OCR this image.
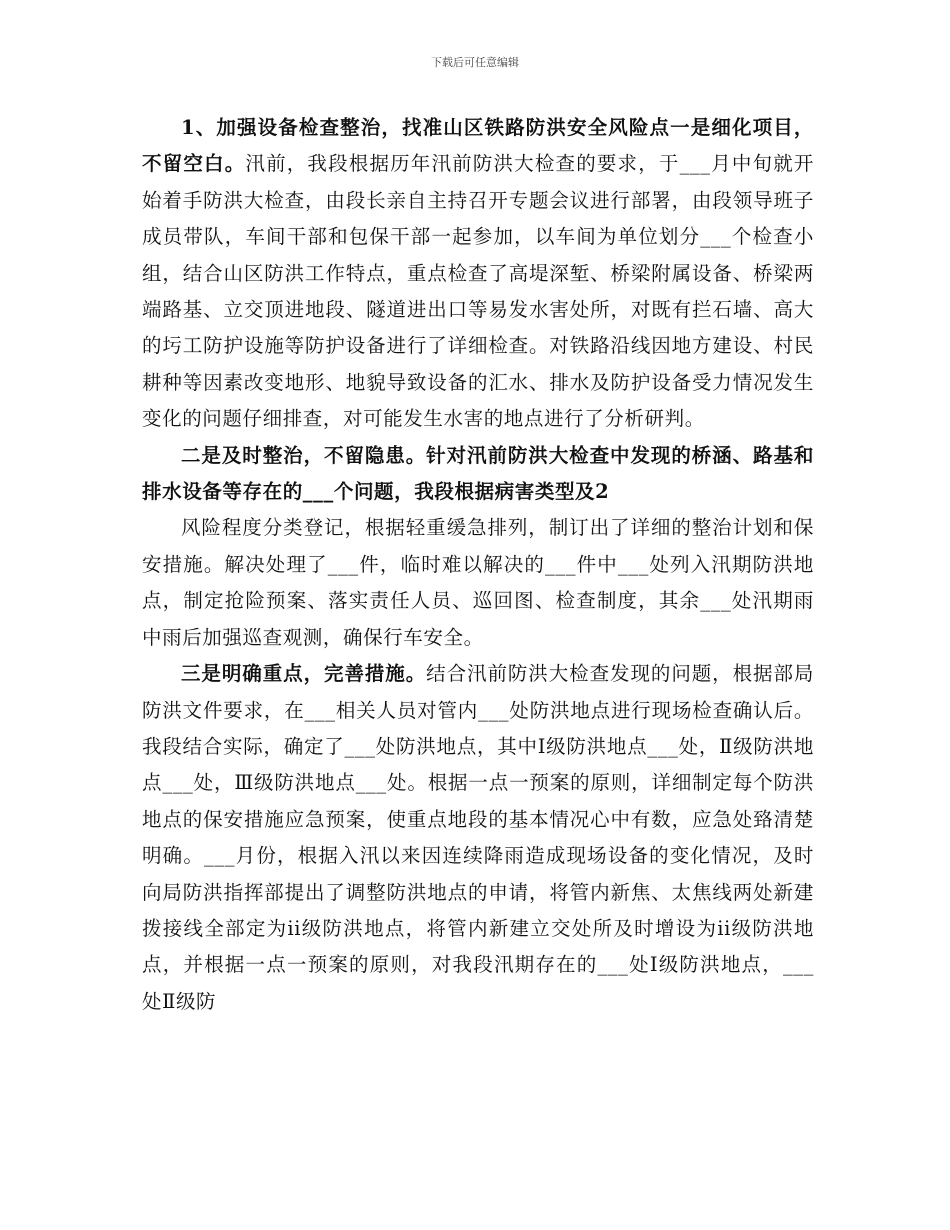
下载后可任意编辑

1、加强设备检查整治，找准山区铁路防洪安全风险点一是细化项目，不留空白。汛前，我段根据历年汛前防洪大检查的要求，于___月中旬就开始着手防洪大检查，由段长亲自主持召开专题会议进行部署，由段领导班子成员带队，车间干部和包保干部一起参加，以车间为单位划分___个检查小组，结合山区防洪工作特点，重点检查了高堤深堑、桥梁附属设备、桥梁两端路基、立交顶进地段、隧道进出口等易发水害处所，对既有拦石墙、高大的圬工防护设施等防护设备进行了详细检查。对铁路沿线因地方建设、村民耕种等因素改变地形、地貌导致设备的汇水、排水及防护设备受力情况发生变化的问题仔细排查，对可能发生水害的地点进行了分析研判。

二是及时整治，不留隐患。针对汛前防洪大检查中发现的桥涵、路基和排水设备等存在的___个问题，我段根据病害类型及2

风险程度分类登记，根据轻重缓急排列，制订出了详细的整治计划和保安措施。解决处理了___件，临时难以解决的___件中___处列入汛期防洪地点，制定抢险预案、落实责任人员、巡回图、检查制度，其余___处汛期雨中雨后加强巡查观测，确保行车安全。

三是明确重点，完善措施。结合汛前防洪大检查发现的问题，根据部局防洪文件要求，在___相关人员对管内___处防洪地点进行现场检查确认后。我段结合实际，确定了___处防洪地点，其中Ⅰ级防洪地点___处，Ⅱ级防洪地点___处，Ⅲ级防洪地点___处。根据一点一预案的原则，详细制定每个防洪地点的保安措施应急预案，使重点地段的基本情况心中有数，应急处臵清楚明确。___月份，根据入汛以来因连续降雨造成现场设备的变化情况，及时向局防洪指挥部提出了调整防洪地点的申请，将管内新焦、太焦线两处新建拨接线全部定为ii级防洪地点，将管内新建立交处所及时增设为ii级防洪地点，并根据一点一预案的原则，对我段汛期存在的___处Ⅰ级防洪地点，___处Ⅱ级防
